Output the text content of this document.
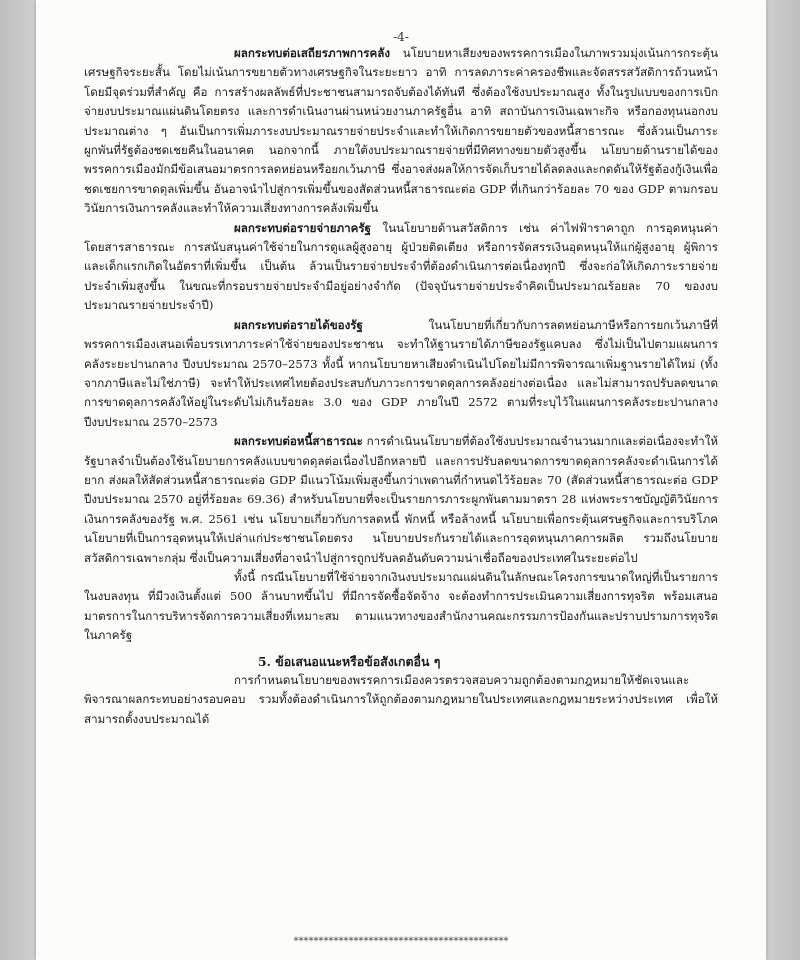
-4-

ผลกระทบต่อเสถียรภาพการคลัง นโยบายหาเสียงของพรรคการเมืองในภาพรวมมุ่งเน้นการกระตุ้นเศรษฐกิจระยะสั้น โดยไม่เน้นการขยายตัวทางเศรษฐกิจในระยะยาว อาทิ การลดภาระค่าครองชีพและจัดสรรสวัสดิการถ้วนหน้า โดยมีจุดร่วมที่สำคัญ คือ การสร้างผลลัพธ์ที่ประชาชนสามารถจับต้องได้ทันที ซึ่งต้องใช้งบประมาณสูง ทั้งในรูปแบบของการเบิกจ่ายงบประมาณแผ่นดินโดยตรง และการดำเนินงานผ่านหน่วยงานภาครัฐอื่น อาทิ สถาบันการเงินเฉพาะกิจ หรือกองทุนนอกงบประมาณต่าง ๆ อันเป็นการเพิ่มภาระงบประมาณรายจ่ายประจำและทำให้เกิดการขยายตัวของหนี้สาธารณะ ซึ่งล้วนเป็นภาระผูกพันที่รัฐต้องชดเชยคืนในอนาคต นอกจากนี้ ภายใต้งบประมาณรายจ่ายที่มีทิศทางขยายตัวสูงขึ้น นโยบายด้านรายได้ของพรรคการเมืองมักมีข้อเสนอมาตรการลดหย่อนหรือยกเว้นภาษี ซึ่งอาจส่งผลให้การจัดเก็บรายได้ลดลงและกดดันให้รัฐต้องกู้เงินเพื่อชดเชยการขาดดุลเพิ่มขึ้น อันอาจนำไปสู่การเพิ่มขึ้นของสัดส่วนหนี้สาธารณะต่อ GDP ที่เกินกว่าร้อยละ 70 ของ GDP ตามกรอบวินัยการเงินการคลังและทำให้ความเสี่ยงทางการคลังเพิ่มขึ้น

ผลกระทบต่อรายจ่ายภาครัฐ ในนโยบายด้านสวัสดิการ เช่น ค่าไฟฟ้าราคาถูก การอุดหนุนค่าโดยสารสาธารณะ การสนับสนุนค่าใช้จ่ายในการดูแลผู้สูงอายุ ผู้ป่วยติดเตียง หรือการจัดสรรเงินอุดหนุนให้แก่ผู้สูงอายุ ผู้พิการ และเด็กแรกเกิดในอัตราที่เพิ่มขึ้น เป็นต้น ล้วนเป็นรายจ่ายประจำที่ต้องดำเนินการต่อเนื่องทุกปี ซึ่งจะก่อให้เกิดภาระรายจ่ายประจำเพิ่มสูงขึ้น ในขณะที่กรอบรายจ่ายประจำมีอยู่อย่างจำกัด (ปัจจุบันรายจ่ายประจำคิดเป็นประมาณร้อยละ 70 ของงบประมาณรายจ่ายประจำปี)

ผลกระทบต่อรายได้ของรัฐ ในนโยบายที่เกี่ยวกับการลดหย่อนภาษีหรือการยกเว้นภาษีที่พรรคการเมืองเสนอเพื่อบรรเทาภาระค่าใช้จ่ายของประชาชน จะทำให้ฐานรายได้ภาษีของรัฐแคบลง ซึ่งไม่เป็นไปตามแผนการคลังระยะปานกลาง ปีงบประมาณ 2570–2573 ทั้งนี้ หากนโยบายหาเสียงดำเนินไปโดยไม่มีการพิจารณาเพิ่มฐานรายได้ใหม่ (ทั้งจากภาษีและไม่ใช่ภาษี) จะทำให้ประเทศไทยต้องประสบกับภาวะการขาดดุลการคลังอย่างต่อเนื่อง และไม่สามารถปรับลดขนาดการขาดดุลการคลังให้อยู่ในระดับไม่เกินร้อยละ 3.0 ของ GDP ภายในปี 2572 ตามที่ระบุไว้ในแผนการคลังระยะปานกลาง ปีงบประมาณ 2570–2573

ผลกระทบต่อหนี้สาธารณะ การดำเนินนโยบายที่ต้องใช้งบประมาณจำนวนมากและต่อเนื่องจะทำให้รัฐบาลจำเป็นต้องใช้นโยบายการคลังแบบขาดดุลต่อเนื่องไปอีกหลายปี และการปรับลดขนาดการขาดดุลการคลังจะดำเนินการได้ยาก ส่งผลให้สัดส่วนหนี้สาธารณะต่อ GDP มีแนวโน้มเพิ่มสูงขึ้นกว่าเพดานที่กำหนดไว้ร้อยละ 70 (สัดส่วนหนี้สาธารณะต่อ GDP ปีงบประมาณ 2570 อยู่ที่ร้อยละ 69.36) สำหรับนโยบายที่จะเป็นรายการภาระผูกพันตามมาตรา 28 แห่งพระราชบัญญัติวินัยการเงินการคลังของรัฐ พ.ศ. 2561 เช่น นโยบายเกี่ยวกับการลดหนี้ พักหนี้ หรือล้างหนี้ นโยบายเพื่อกระตุ้นเศรษฐกิจและการบริโภค นโยบายที่เป็นการอุดหนุนให้เปล่าแก่ประชาชนโดยตรง นโยบายประกันรายได้และการอุดหนุนภาคการผลิต รวมถึงนโยบายสวัสดิการเฉพาะกลุ่ม ซึ่งเป็นความเสี่ยงที่อาจนำไปสู่การถูกปรับลดอันดับความน่าเชื่อถือของประเทศในระยะต่อไป

ทั้งนี้ กรณีนโยบายที่ใช้จ่ายจากเงินงบประมาณแผ่นดินในลักษณะโครงการขนาดใหญ่ที่เป็นรายการในงบลงทุน ที่มีวงเงินตั้งแต่ 500 ล้านบาทขึ้นไป ที่มีการจัดซื้อจัดจ้าง จะต้องทำการประเมินความเสี่ยงการทุจริต พร้อมเสนอมาตรการในการบริหารจัดการความเสี่ยงที่เหมาะสม ตามแนวทางของสำนักงานคณะกรรมการป้องกันและปราบปรามการทุจริตในภาครัฐ

5. ข้อเสนอแนะหรือข้อสังเกตอื่น ๆ

การกำหนดนโยบายของพรรคการเมืองควรตรวจสอบความถูกต้องตามกฎหมายให้ชัดเจนและพิจารณาผลกระทบอย่างรอบคอบ รวมทั้งต้องดำเนินการให้ถูกต้องตามกฎหมายในประเทศและกฎหมายระหว่างประเทศ เพื่อให้สามารถตั้งงบประมาณได้

*******************************************
